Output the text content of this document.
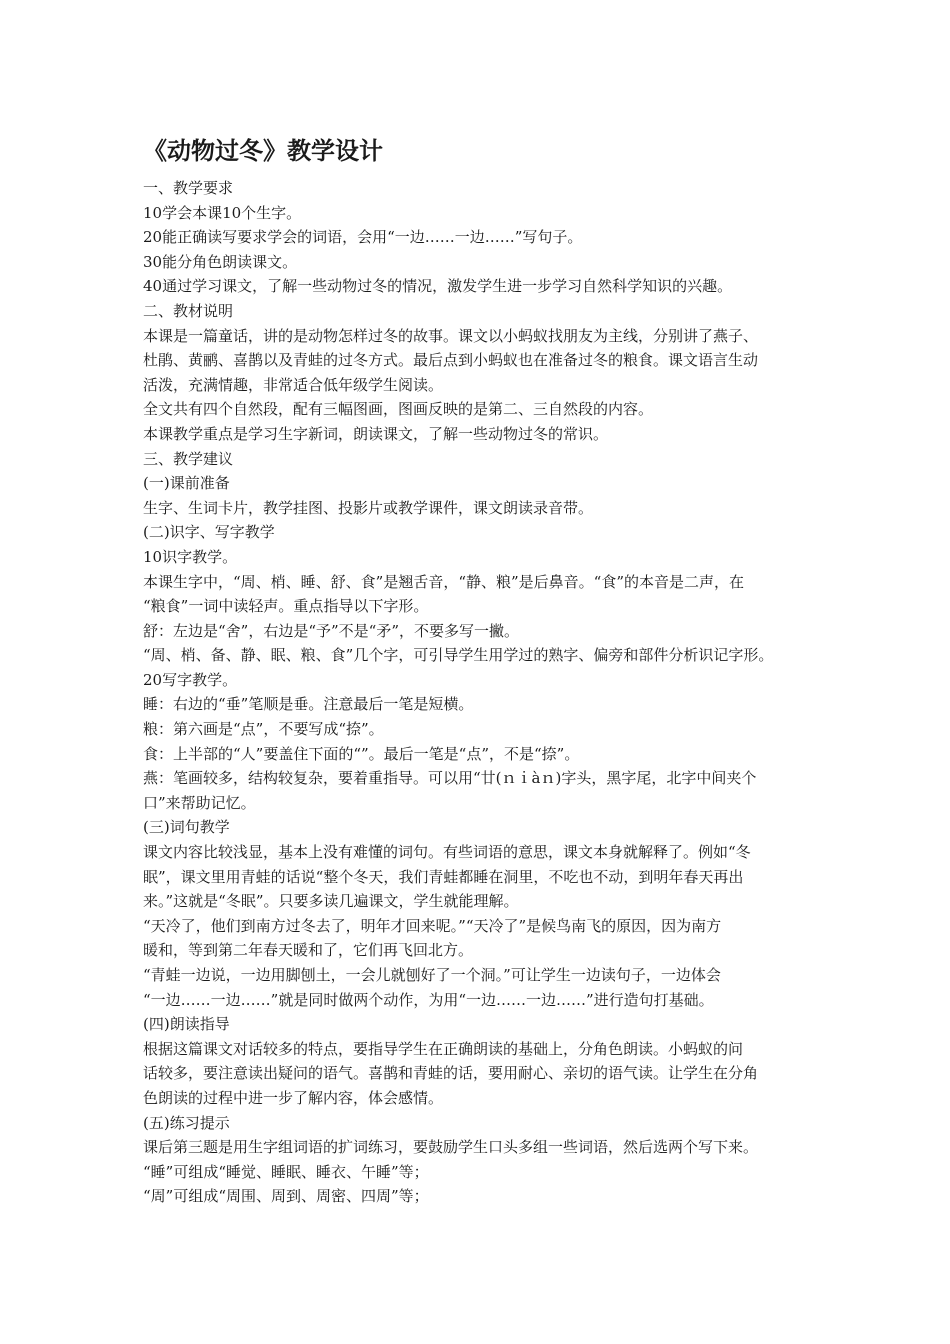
《动物过冬》教学设计
一、教学要求
10学会本课10个生字。
20能正确读写要求学会的词语，会用“一边……一边……”写句子。
30能分角色朗读课文。
40通过学习课文，了解一些动物过冬的情况，激发学生进一步学习自然科学知识的兴趣。
二、教材说明
本课是一篇童话，讲的是动物怎样过冬的故事。课文以小蚂蚁找朋友为主线，分别讲了燕子、
杜鹃、黄鹂、喜鹊以及青蛙的过冬方式。最后点到小蚂蚁也在准备过冬的粮食。课文语言生动
活泼，充满情趣，非常适合低年级学生阅读。
全文共有四个自然段，配有三幅图画，图画反映的是第二、三自然段的内容。
本课教学重点是学习生字新词，朗读课文，了解一些动物过冬的常识。
三、教学建议
(一)课前准备
生字、生词卡片，教学挂图、投影片或教学课件，课文朗读录音带。
(二)识字、写字教学
10识字教学。
本课生字中，“周、梢、睡、舒、食”是翘舌音，“静、粮”是后鼻音。“食”的本音是二声，在
“粮食”一词中读轻声。重点指导以下字形。
舒：左边是“舍”，右边是“予”不是“矛”，不要多写一撇。
“周、梢、备、静、眠、粮、食”几个字，可引导学生用学过的熟字、偏旁和部件分析识记字形。
20写字教学。
睡：右边的“垂”笔顺是垂。注意最后一笔是短横。
粮：第六画是“点”，不要写成“捺”。
食：上半部的“人”要盖住下面的“”。最后一笔是“点”，不是“捺”。
燕：笔画较多，结构较复杂，要着重指导。可以用“廿(ｎｉàｎ)字头，黑字尾，北字中间夹个
口”来帮助记忆。
(三)词句教学
课文内容比较浅显，基本上没有难懂的词句。有些词语的意思，课文本身就解释了。例如“冬
眠”，课文里用青蛙的话说“整个冬天，我们青蛙都睡在洞里，不吃也不动，到明年春天再出
来。”这就是“冬眠”。只要多读几遍课文，学生就能理解。
“天冷了，他们到南方过冬去了，明年才回来呢。”“天冷了”是候鸟南飞的原因，因为南方
暖和，等到第二年春天暖和了，它们再飞回北方。
“青蛙一边说，一边用脚刨土，一会儿就刨好了一个洞。”可让学生一边读句子，一边体会
“一边……一边……”就是同时做两个动作，为用“一边……一边……”进行造句打基础。
(四)朗读指导
根据这篇课文对话较多的特点，要指导学生在正确朗读的基础上，分角色朗读。小蚂蚁的问
话较多，要注意读出疑问的语气。喜鹊和青蛙的话，要用耐心、亲切的语气读。让学生在分角
色朗读的过程中进一步了解内容，体会感情。
(五)练习提示
课后第三题是用生字组词语的扩词练习，要鼓励学生口头多组一些词语，然后选两个写下来。
“睡”可组成“睡觉、睡眠、睡衣、午睡”等；
“周”可组成“周围、周到、周密、四周”等；
